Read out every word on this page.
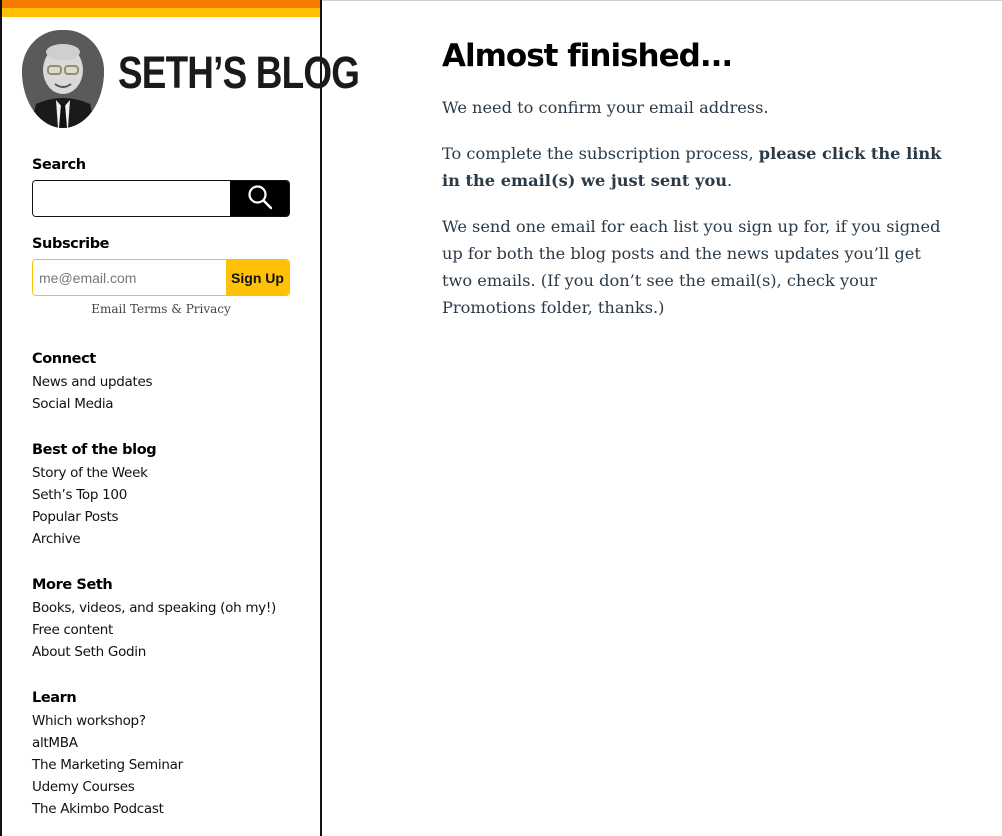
SETH’S BLOG
Search
Subscribe
me@email.com
Sign Up
Email Terms & Privacy
Connect
News and updates
Social Media
Best of the blog
Story of the Week
Seth’s Top 100
Popular Posts
Archive
More Seth
Books, videos, and speaking (oh my!)
Free content
About Seth Godin
Learn
Which workshop?
altMBA
The Marketing Seminar
Udemy Courses
The Akimbo Podcast
Almost finished...

We need to confirm your email address.

To complete the subscription process, please click the link in the email(s) we just sent you.

We send one email for each list you sign up for, if you signed up for both the blog posts and the news updates you’ll get two emails. (If you don’t see the email(s), check your Promotions folder, thanks.)
